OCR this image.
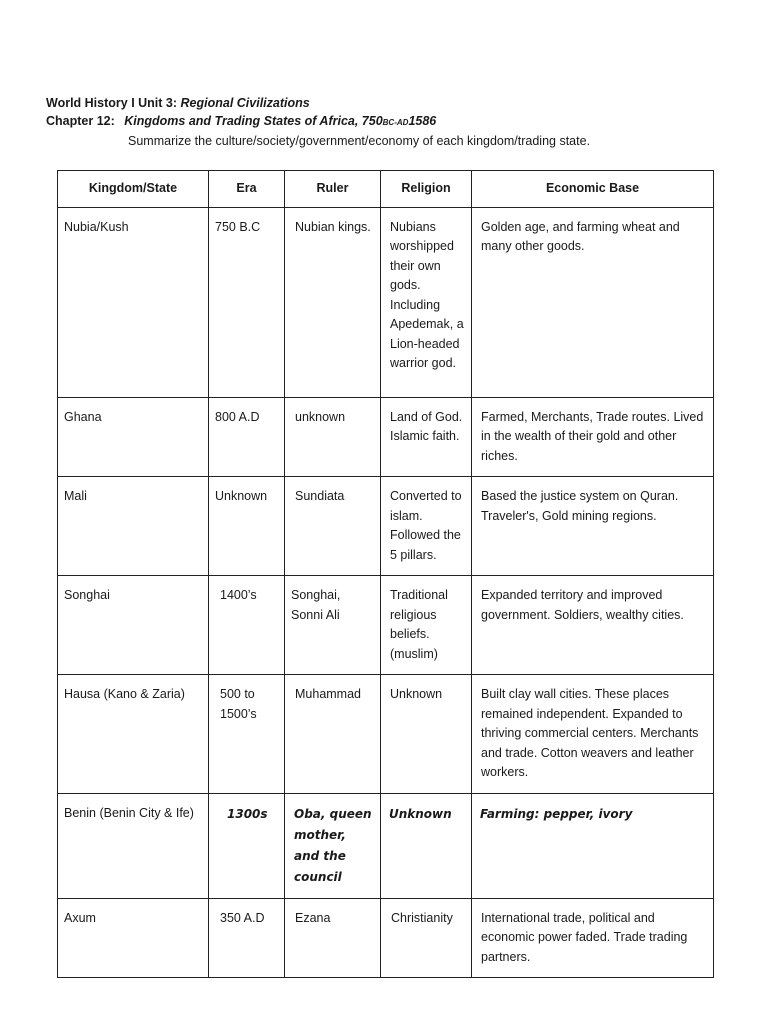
World History I Unit 3: Regional Civilizations
Chapter 12: Kingdoms and Trading States of Africa, 750BC-AD1586
Summarize the culture/society/government/economy of each kingdom/trading state.
Kingdom/State	Era	Ruler	Religion	Economic Base
Nubia/Kush	750 B.C	Nubian kings.	Nubians worshipped their own gods. Including Apedemak, a Lion-headed warrior god.	Golden age, and farming wheat and many other goods.
Ghana	800 A.D	unknown	Land of God. Islamic faith.	Farmed, Merchants, Trade routes. Lived in the wealth of their gold and other riches.
Mali	Unknown	Sundiata	Converted to islam. Followed the 5 pillars.	Based the justice system on Quran. Traveler's, Gold mining regions.
Songhai	1400’s	Songhai, Sonni Ali	Traditional religious beliefs. (muslim)	Expanded territory and improved government. Soldiers, wealthy cities.
Hausa (Kano & Zaria)	500 to 1500’s	Muhammad	Unknown	Built clay wall cities. These places remained independent. Expanded to thriving commercial centers. Merchants and trade. Cotton weavers and leather workers.
Benin (Benin City & Ife)	1300s	Oba, queen mother, and the council	Unknown	Farming: pepper, ivory
Axum	350 A.D	Ezana	Christianity	International trade, political and economic power faded. Trade trading partners.
